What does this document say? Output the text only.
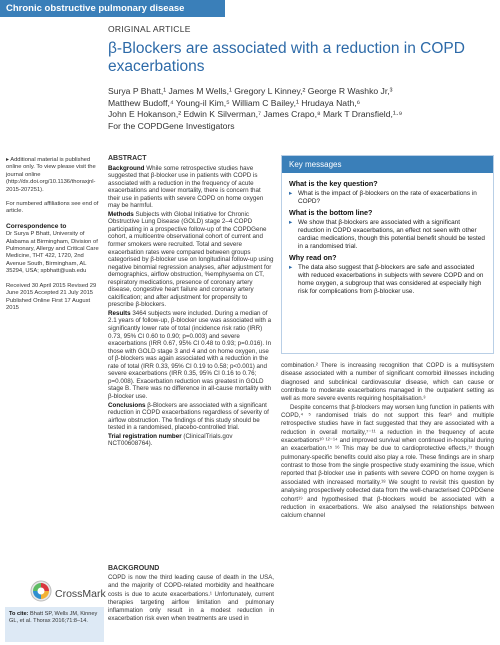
Chronic obstructive pulmonary disease
ORIGINAL ARTICLE
β-Blockers are associated with a reduction in COPD exacerbations
Surya P Bhatt,¹ James M Wells,¹ Gregory L Kinney,² George R Washko Jr,³
Matthew Budoff,⁴ Young-il Kim,⁵ William C Bailey,¹ Hrudaya Nath,⁶
John E Hokanson,² Edwin K Silverman,⁷ James Crapo,⁸ Mark T Dransfield,¹·⁹
For the COPDGene Investigators
▸ Additional material is published online only. To view please visit the journal online (http://dx.doi.org/10.1136/thoraxjnl-2015-207251).
For numbered affiliations see end of article.
Correspondence to
Dr Surya P Bhatt, University of Alabama at Birmingham, Division of Pulmonary, Allergy and Critical Care Medicine, THT 422, 1720, 2nd Avenue South, Birmingham, AL 35294, USA; spbhatt@uab.edu
Received 30 April 2015 Revised 29 June 2015 Accepted 21 July 2015 Published Online First 17 August 2015
ABSTRACT

Background While some retrospective studies have suggested that β-blocker use in patients with COPD is associated with a reduction in the frequency of acute exacerbations and lower mortality, there is concern that their use in patients with severe COPD on home oxygen may be harmful.

Methods Subjects with Global Initiative for Chronic Obstructive Lung Disease (GOLD) stage 2–4 COPD participating in a prospective follow-up of the COPDGene cohort, a multicentre observational cohort of current and former smokers were recruited. Total and severe exacerbation rates were compared between groups categorised by β-blocker use on longitudinal follow-up using negative binomial regression analyses, after adjustment for demographics, airflow obstruction, %emphysema on CT, respiratory medications, presence of coronary artery disease, congestive heart failure and coronary artery calcification; and after adjustment for propensity to prescribe β-blockers.

Results 3464 subjects were included. During a median of 2.1 years of follow-up, β-blocker use was associated with a significantly lower rate of total (incidence risk ratio (IRR) 0.73, 95% CI 0.60 to 0.90; p=0.003) and severe exacerbations (IRR 0.67, 95% CI 0.48 to 0.93; p=0.016). In those with GOLD stage 3 and 4 and on home oxygen, use of β-blockers was again associated with a reduction in the rate of total (IRR 0.33, 95% CI 0.19 to 0.58; p<0.001) and severe exacerbations (IRR 0.35, 95% CI 0.16 to 0.76; p=0.008). Exacerbation reduction was greatest in GOLD stage B. There was no difference in all-cause mortality with β-blocker use.

Conclusions β-Blockers are associated with a significant reduction in COPD exacerbations regardless of severity of airflow obstruction. The findings of this study should be tested in a randomised, placebo-controlled trial.

Trial registration number (ClinicalTrials.gov NCT00608764).

Key messages
What is the key question?
▸ What is the impact of β-blockers on the rate of exacerbations in COPD?
What is the bottom line?
▸ We show that β-blockers are associated with a significant reduction in COPD exacerbations, an effect not seen with other cardiac medications, though this potential benefit should be tested in a randomised trial.
Why read on?
▸ The data also suggest that β-blockers are safe and associated with reduced exacerbations in subjects with severe COPD and on home oxygen, a subgroup that was considered at especially high risk for complications from β-blocker use.
CrossMark
To cite: Bhatt SP, Wells JM, Kinney GL, et al. Thorax 2016;71:8–14.
BACKGROUND
COPD is now the third leading cause of death in the USA, and the majority of COPD-related morbidity and healthcare costs is due to acute exacerbations.¹ Unfortunately, current therapies targeting airflow limitation and pulmonary inflammation only result in a modest reduction in exacerbation risk even when treatments are used in

combination.² There is increasing recognition that COPD is a multisystem disease associated with a number of significant comorbid illnesses including diagnosed and subclinical cardiovascular disease, which can cause or contribute to moderate exacerbations managed in the outpatient setting as well as more severe events requiring hospitalisation.³

Despite concerns that β-blockers may worsen lung function in patients with COPD,⁴ ⁵ randomised trials do not support this fear⁶ and multiple retrospective studies have in fact suggested that they are associated with a reduction in overall mortality,⁷⁻¹¹ a reduction in the frequency of acute exacerbations¹⁰ ¹²⁻¹⁴ and improved survival when continued in-hospital during an exacerbation.¹⁵ ¹⁶ This may be due to cardioprotective effects,¹⁷ though pulmonary-specific benefits could also play a role. These findings are in sharp contrast to those from the single prospective study examining the issue, which reported that β-blocker use in patients with severe COPD on home oxygen is associated with increased mortality.¹⁸ We sought to revisit this question by analysing prospectively collected data from the well-characterised COPDGene cohort¹⁹ and hypothesised that β-blockers would be associated with a reduction in exacerbations. We also analysed the relationships between calcium channel
